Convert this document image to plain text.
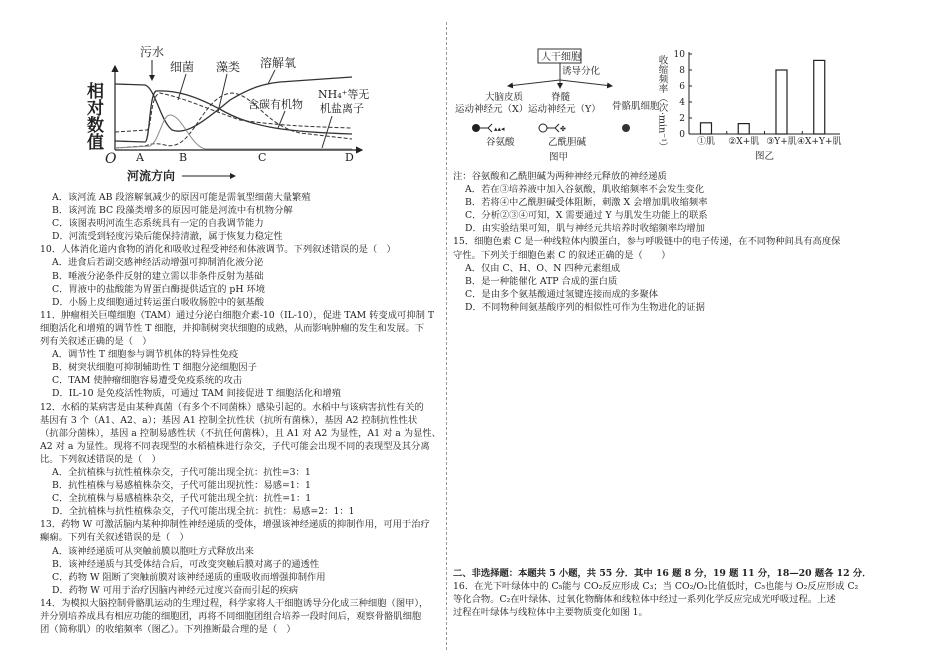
相对数值
O A	B	C	D
河流方向
污水
细菌 藻类 溶解氧
含碳有机物
NH₄⁺等无
机盐离子
人干细胞
诱导分化
大脑皮质
运动神经元（X）
脊髓
运动神经元（Y） 骨骼肌细胞
▴▴◂	✤
谷氨酸	乙酰胆碱
图甲
0
2
4
6
8
10
①肌 ②X+肌 ③Y+肌 ④X+Y+肌
收缩频率（次·min⁻¹）
图乙
A．该河流 AB 段溶解氧减少的原因可能是需氧型细菌大量繁殖
B．该河流 BC 段藻类增多的原因可能是河流中有机物分解
C．该图表明河流生态系统具有一定的自我调节能力
D．河流受到轻度污染后能保持清澈，属于恢复力稳定性
10．人体消化道内食物的消化和吸收过程受神经和体液调节。下列叙述错误的是（　）
A．进食后若副交感神经活动增强可抑制消化液分泌
B．唾液分泌条件反射的建立需以非条件反射为基础
C．胃液中的盐酸能为胃蛋白酶提供适宜的 pH 环境
D．小肠上皮细胞通过转运蛋白吸收肠腔中的氨基酸
11．肿瘤相关巨噬细胞（TAM）通过分泌白细胞介素-10（IL-10），促进 TAM 转变成可抑制 T
细胞活化和增殖的调节性 T 细胞，并抑制树突状细胞的成熟，从而影响肿瘤的发生和发展。下
列有关叙述正确的是（　）
A．调节性 T 细胞参与调节机体的特异性免疫
B．树突状细胞可抑制辅助性 T 细胞分泌细胞因子
C．TAM 使肿瘤细胞容易遭受免疫系统的攻击
D．IL-10 是免疫活性物质，可通过 TAM 间接促进 T 细胞活化和增殖
12．水稻的某病害是由某种真菌（有多个不同菌株）感染引起的。水稻中与该病害抗性有关的
基因有 3 个（A1、A2、a）；基因 A1 控制全抗性状（抗所有菌株），基因 A2 控制抗性性状
（抗部分菌株），基因 a 控制易感性状（不抗任何菌株），且 A1 对 A2 为显性，A1 对 a 为显性、
A2 对 a 为显性。现将不同表现型的水稻植株进行杂交，子代可能会出现不同的表现型及其分离
比。下列叙述错误的是（　）
A．全抗植株与抗性植株杂交，子代可能出现全抗：抗性=3：1
B．抗性植株与易感植株杂交，子代可能出现抗性：易感=1：1
C．全抗植株与易感植株杂交，子代可能出现全抗：抗性=1：1
D．全抗植株与抗性植株杂交，子代可能出现全抗：抗性：易感=2：1：1
13．药物 W 可激活脑内某种抑制性神经递质的受体，增强该神经递质的抑制作用，可用于治疗
癫痫。下列有关叙述错误的是（　）
A．该神经递质可从突触前膜以胞吐方式释放出来
B．该神经递质与其受体结合后，可改变突触后膜对离子的通透性
C．药物 W 阻断了突触前膜对该神经递质的重吸收而增强抑制作用
D．药物 W 可用于治疗因脑内神经元过度兴奋而引起的疾病
14．为模拟大脑控制骨骼肌运动的生理过程，科学家将人干细胞诱导分化成三种细胞（图甲），
并分别培养成具有相应功能的细胞团，再将不同细胞团组合培养一段时间后，观察骨骼肌细胞
团（简称肌）的收缩频率（图乙）。下列推断最合理的是（　）
注：谷氨酸和乙酰胆碱为两种神经元释放的神经递质
A．若在③培养液中加入谷氨酸，肌收缩频率不会发生变化
B．若将④中乙酰胆碱受体阻断，刺激 X 会增加肌收缩频率
C．分析②③④可知，X 需要通过 Y 与肌发生功能上的联系
D．由实验结果可知，肌与神经元共培养时收缩频率均增加
15．细胞色素 C 是一种线粒体内膜蛋白，参与呼吸链中的电子传递，在不同物种间具有高度保
守性。下列关于细胞色素 C 的叙述正确的是（　　）
A．仅由 C、H、O、N 四种元素组成
B．是一种能催化 ATP 合成的蛋白质
C．是由多个氨基酸通过氢键连接而成的多聚体
D．不同物种间氨基酸序列的相似性可作为生物进化的证据
二、非选择题：本题共 5 小题，共 55 分．其中 16 题 8 分，19 题 11 分，18—20 题各 12 分．
16．在光下叶绿体中的 C₅能与 CO₂反应形成 C₃；当 CO₂/O₂比值低时，C₅也能与 O₂反应形成 C₂
等化合物。C₂在叶绿体、过氧化物酶体和线粒体中经过一系列化学反应完成光呼吸过程。上述
过程在叶绿体与线粒体中主要物质变化如图 1。
